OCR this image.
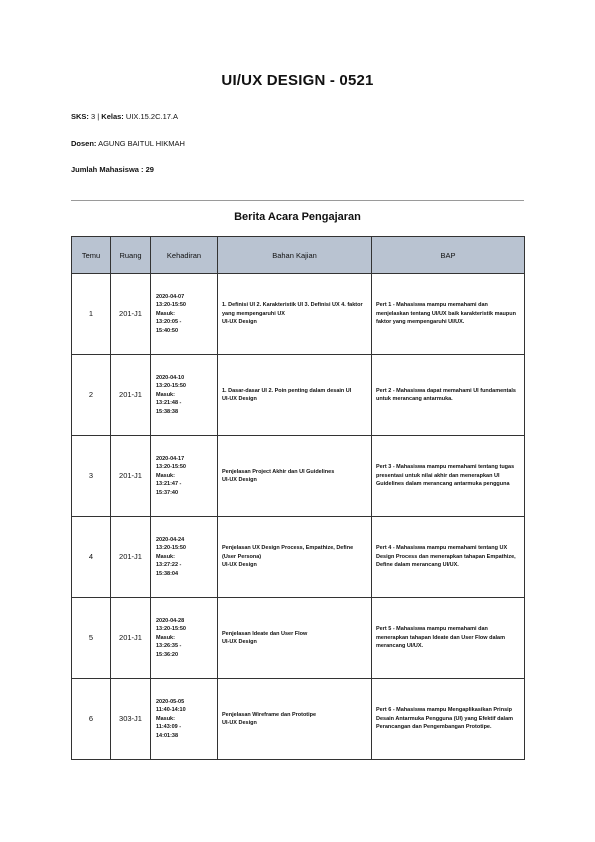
UI/UX DESIGN - 0521
SKS: 3 | Kelas: UIX.15.2C.17.A
Dosen: AGUNG BAITUL HIKMAH
Jumlah Mahasiswa : 29
Berita Acara Pengajaran
Temu	Ruang	Kehadiran	Bahan Kajian	BAP
1	201-J1	2020-04-07
13:20-15:50
Masuk:
13:20:05 -
15:40:50	1. Definisi UI 2. Karakteristik UI 3. Definisi UX 4. faktor yang mempengaruhi UX
UI-UX Design	Pert 1 - Mahasiswa mampu memahami dan menjelaskan tentang UI/UX baik karakteristik maupun faktor yang mempengaruhi UI/UX.

2	201-J1	2020-04-10
13:20-15:50
Masuk:
13:21:48 -
15:38:38	1. Dasar-dasar UI 2. Poin penting dalam desain UI
UI-UX Design	Pert 2 - Mahasiswa dapat memahami UI fundamentals untuk merancang antarmuka.

3	201-J1	2020-04-17
13:20-15:50
Masuk:
13:21:47 -
15:37:40	Penjelasan Project Akhir dan UI Guidelines
UI-UX Design	Pert 3 - Mahasiswa mampu memahami tentang tugas presentasi untuk nilai akhir dan menerapkan UI Guidelines dalam merancang antarmuka pengguna

4	201-J1	2020-04-24
13:20-15:50
Masuk:
13:27:22 -
15:38:04	Penjelasan UX Design Process, Empathize, Define (User Persona)
UI-UX Design	Pert 4 - Mahasiswa mampu memahami tentang UX Design Process dan menerapkan tahapan Empathize, Define dalam merancang UI/UX.

5	201-J1	2020-04-28
13:20-15:50
Masuk:
13:26:35 -
15:36:20	Penjelasan Ideate dan User Flow
UI-UX Design	Pert 5 - Mahasiswa mampu memahami dan menerapkan tahapan Ideate dan User Flow dalam merancang UI/UX.

6	303-J1	2020-05-05
11:40-14:10
Masuk:
11:43:09 -
14:01:38	Penjelasan Wireframe dan Prototipe
UI-UX Design	Pert 6 - Mahasiswa mampu Mengaplikasikan Prinsip Desain Antarmuka Pengguna (UI) yang Efektif dalam Perancangan dan Pengembangan Prototipe.
